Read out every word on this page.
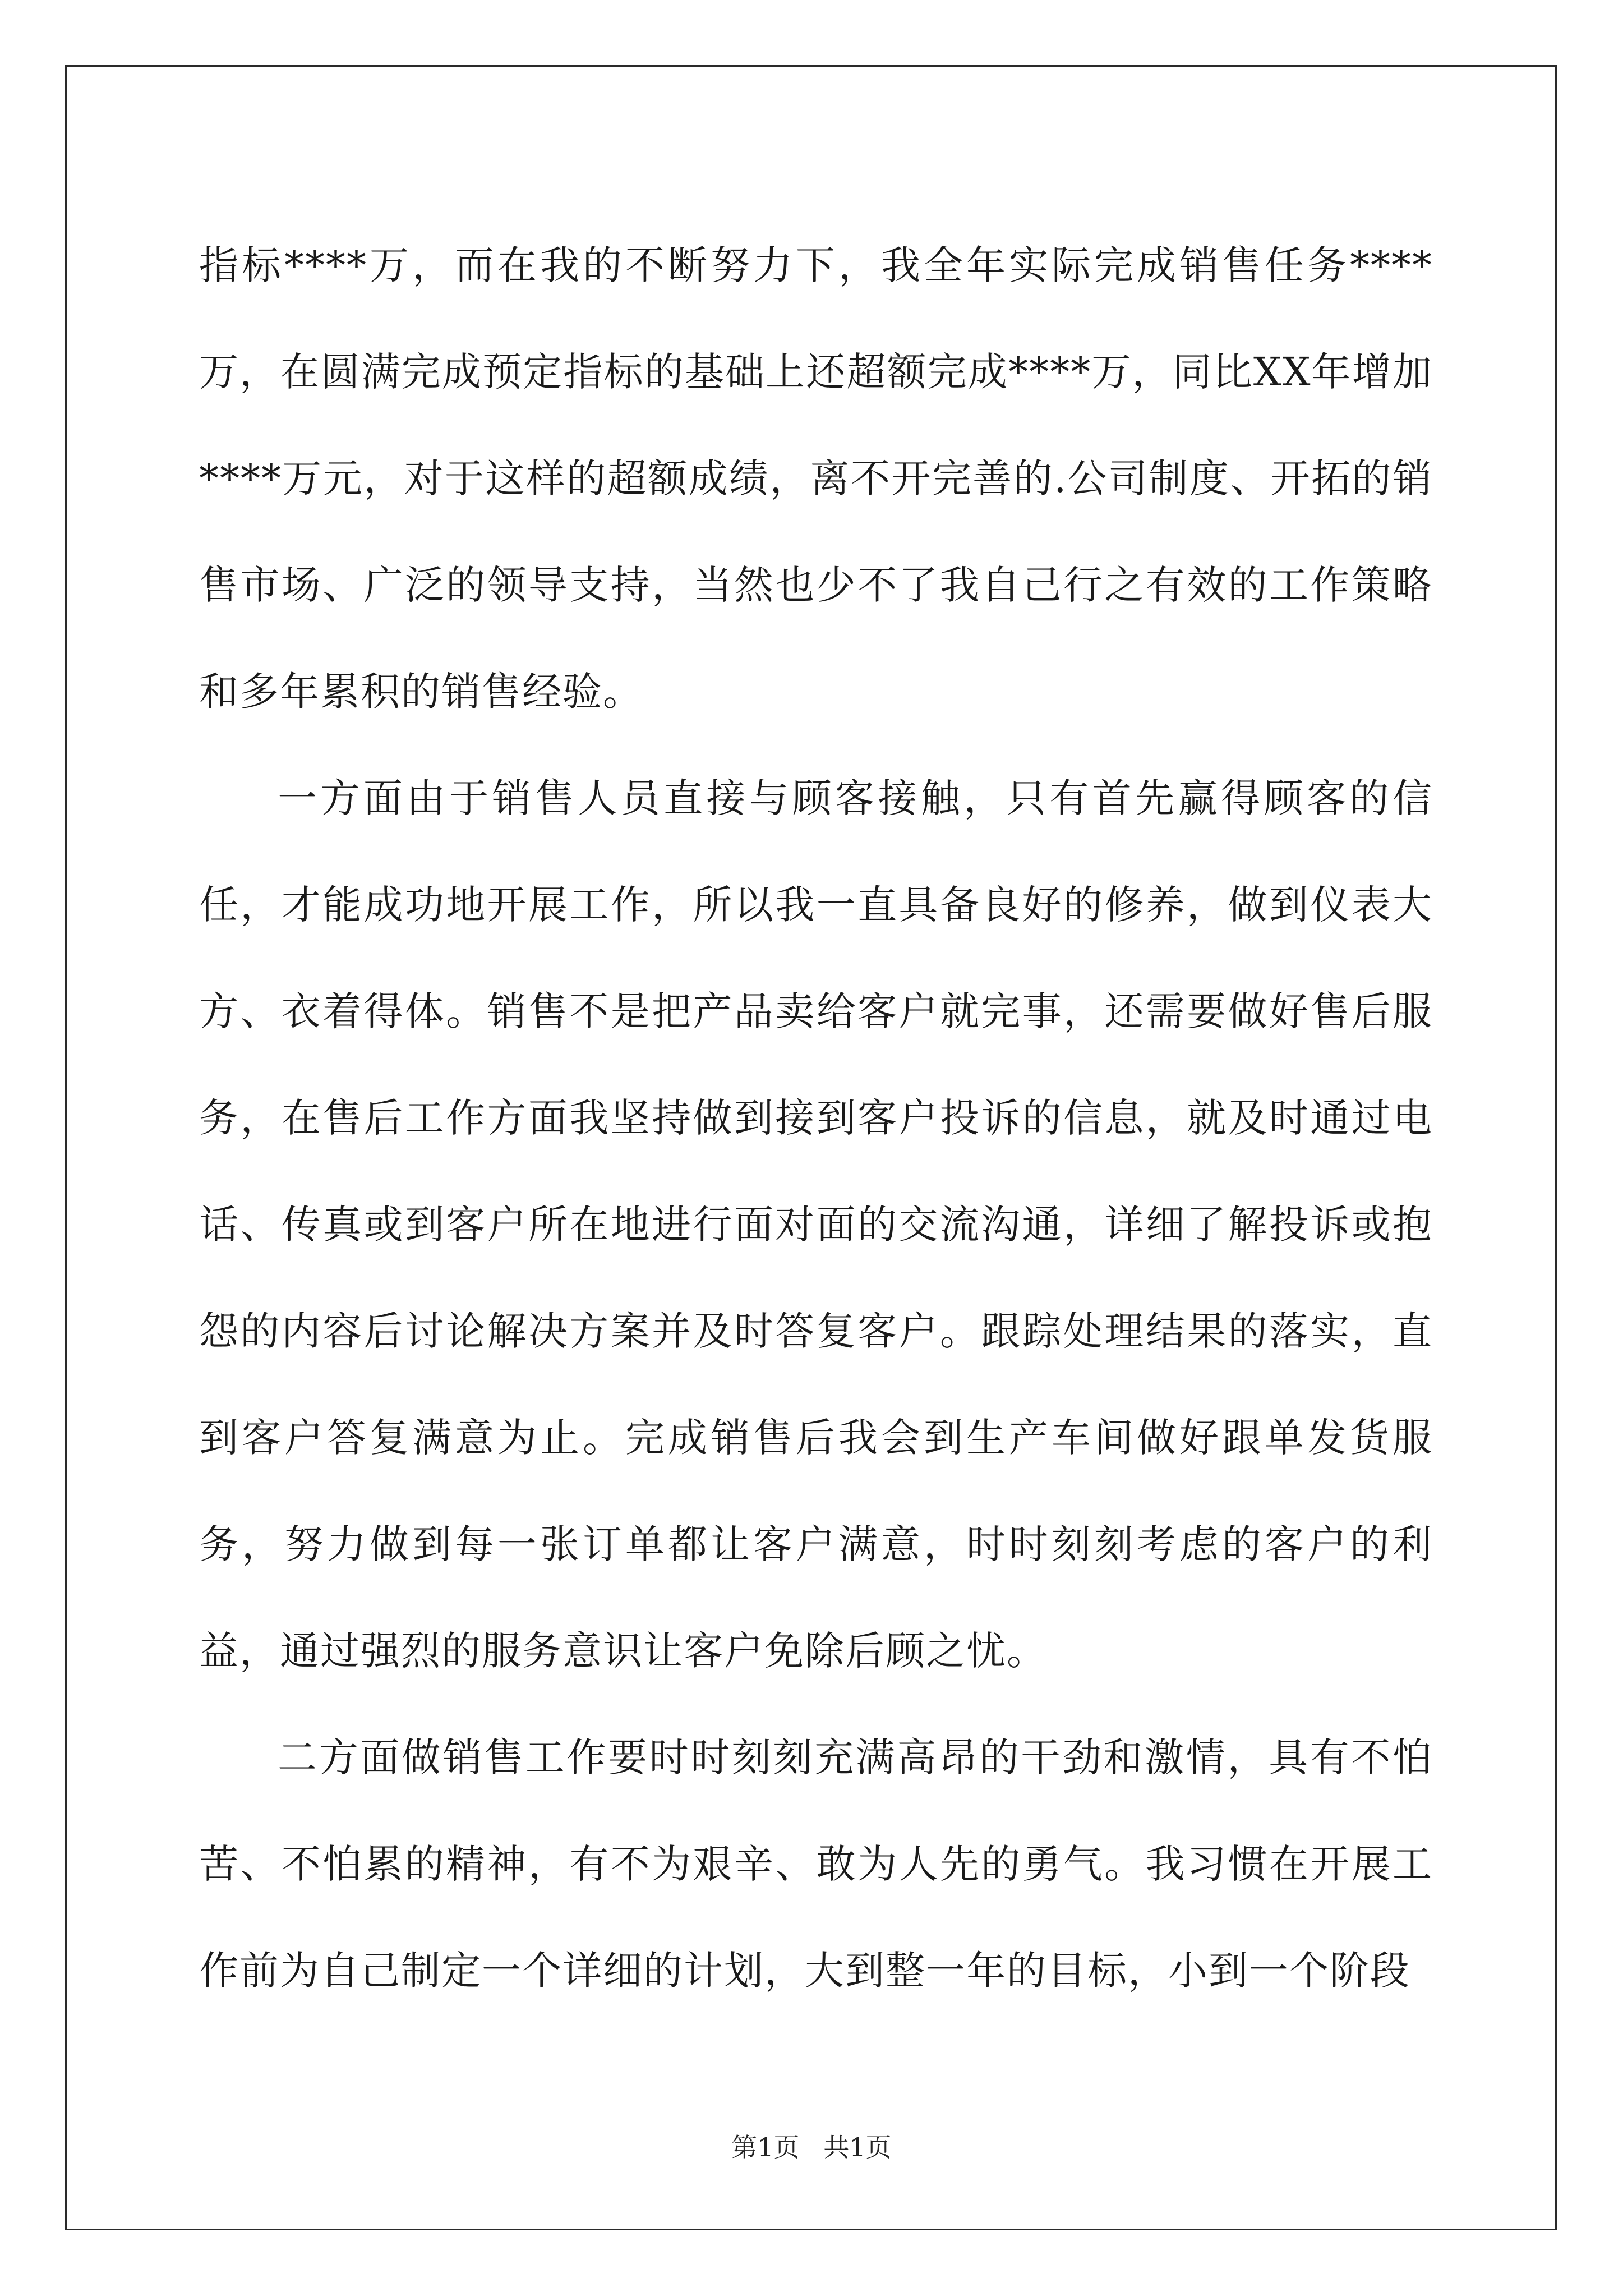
指标****万，而在我的不断努力下，我全年实际完成销售任务**** 万，在圆满完成预定指标的基础上还超额完成****万，同比XX年增加****万元，对于这样的超额成绩，离不开完善的.公司制度、开拓的销售市场、广泛的领导支持，当然也少不了我自己行之有效的工作策略和多年累积的销售经验。

一方面由于销售人员直接与顾客接触，只有首先赢得顾客的信任，才能成功地开展工作，所以我一直具备良好的修养，做到仪表大方、衣着得体。销售不是把产品卖给客户就完事，还需要做好售后服务，在售后工作方面我坚持做到接到客户投诉的信息，就及时通过电话、传真或到客户所在地进行面对面的交流沟通，详细了解投诉或抱怨的内容后讨论解决方案并及时答复客户。跟踪处理结果的落实，直到客户答复满意为止。完成销售后我会到生产车间做好跟单发货服务，努力做到每一张订单都让客户满意，时时刻刻考虑的客户的利益，通过强烈的服务意识让客户免除后顾之忧。

二方面做销售工作要时时刻刻充满高昂的干劲和激情，具有不怕苦、不怕累的精神，有不为艰辛、敢为人先的勇气。我习惯在开展工作前为自己制定一个详细的计划，大到整一年的目标，小到一个阶段

第1页 共1页
